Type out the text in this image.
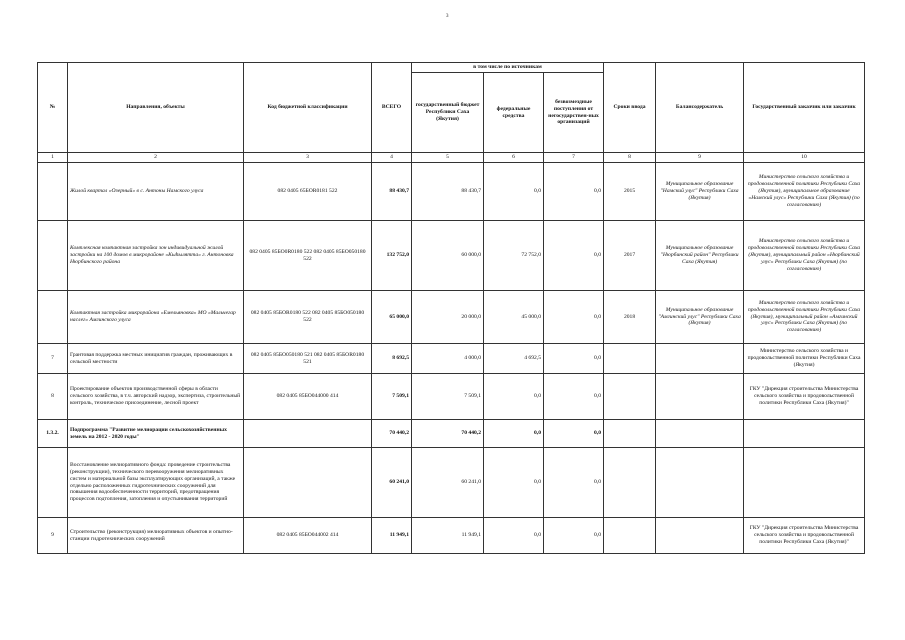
3
№	Направления, объекты	Код бюджетной классификации	ВСЕГО	в том числе по источникам			Сроки ввода	Балансодержатель	Государственный заказчик или заказчик
				государственный бюджет Республики Саха (Якутия)	федеральные средства	безвозмездные поступления от негосударствен-ных организаций			
1	2	3	4	5	6	7	8	9	10
	Жилой квартал «Озерный» в с. Антоны Намского улуса	082 0405 65БОR0181 522	88 430,7	88 430,7	0,0	0,0	2015	Муниципальное образование "Намский улус" Республики Саха (Якутия)	Министерство сельского хозяйства и продовольственной политики Республики Саха (Якутия), муниципальное образование «Намский улус» Республики Саха (Якутия) (по согласованию)
	Комплексная компактная застройка зон индивидуальной жилой застройки на 100 домов в микрорайоне «Кыһылятта» г. Антоновка Нюрбинского района	082 0405 85БО0R0180 522 082 0405 85БО050180 522	132 752,0	60 000,0	72 752,0	0,0	2017	Муниципальное образование "Нюрбинский район" Республики Саха (Якутия)	Министерство сельского хозяйства и продовольственной политики Республики Саха (Якутия), муниципальный район «Нюрбинский улус» Республики Саха (Якутия) (по согласованию)
	Компактная застройка микрорайона «Емельяновка» МО «Мальчегар наслег» Амгинского улуса	082 0405 85БОR0180 522 082 0405 85БО050180 522	65 000,0	20 000,0	45 000,0	0,0	2018	Муниципальное образование "Амгинский улус" Республики Саха (Якутия)	Министерство сельского хозяйства и продовольственной политики Республики Саха (Якутия), муниципальный район «Амгинский улус» Республики Саха (Якутия) (по согласованию)
7	Грантовая поддержка местных инициатив граждан, проживающих в сельской местности	082 0405 85БО050180 521 082 0405 85БОR0180 521	8 692,5	4 000,0	4 692,5	0,0			Министерство сельского хозяйства и продовольственной политики Республики Саха (Якутия)
8	Проектирование объектов производственной сферы в области сельского хозяйства, в т.ч. авторский надзор, экспертиза, строительный контроль, техническое присоединение, лесной проект	082 0405 85БО044000 414	7 509,1	7 509,1	0,0	0,0			ГКУ "Дирекция строительства Министерства сельского хозяйства и продовольственной политики Республики Саха (Якутия)"
1.3.2.	Подпрограмма "Развитие мелиорации сельскохозяйственных земель на 2012 - 2020 годы"		70 440,2	70 440,2	0,0	0,0			
	Восстановление мелиоративного фонда: проведение строительства (реконструкции), технического перевооружения мелиоративных систем и материальной базы эксплуатирующих организаций, а также отдельно расположенных гидротехнических сооружений для повышения водообеспеченности территорий, предотвращения процессов подтопления, затопления и опустынивания территорий		60 241,0	60 241,0	0,0	0,0			
9	Строительство (реконструкция) мелиоративных объектов и опытно-станции гидротехнических сооружений	082 0405 85БО044002 414	11 949,1	11 949,1	0,0	0,0			ГКУ "Дирекция строительства Министерства сельского хозяйства и продовольственной политики Республики Саха (Якутия)"
